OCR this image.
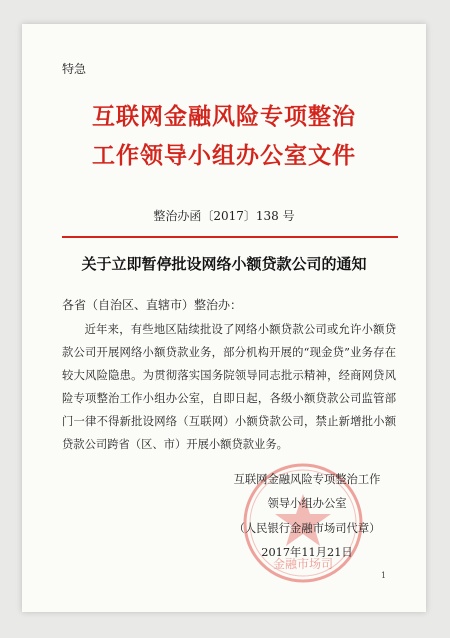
特急
互联网金融风险专项整治
工作领导小组办公室文件
整治办函〔2017〕138 号
关于立即暂停批设网络小额贷款公司的通知
各省（自治区、直辖市）整治办：

近年来，有些地区陆续批设了网络小额贷款公司或允许小额贷款公司开展网络小额贷款业务，部分机构开展的“现金贷”业务存在较大风险隐患。为贯彻落实国务院领导同志批示精神，经商网贷风险专项整治工作小组办公室，自即日起，各级小额贷款公司监管部门一律不得新批设网络（互联网）小额贷款公司，禁止新增批小额贷款公司跨省（区、市）开展小额贷款业务。

金融市场司
互联网金融风险专项整治工作
领导小组办公室
（人民银行金融市场司代章）
2017年11月21日
1
